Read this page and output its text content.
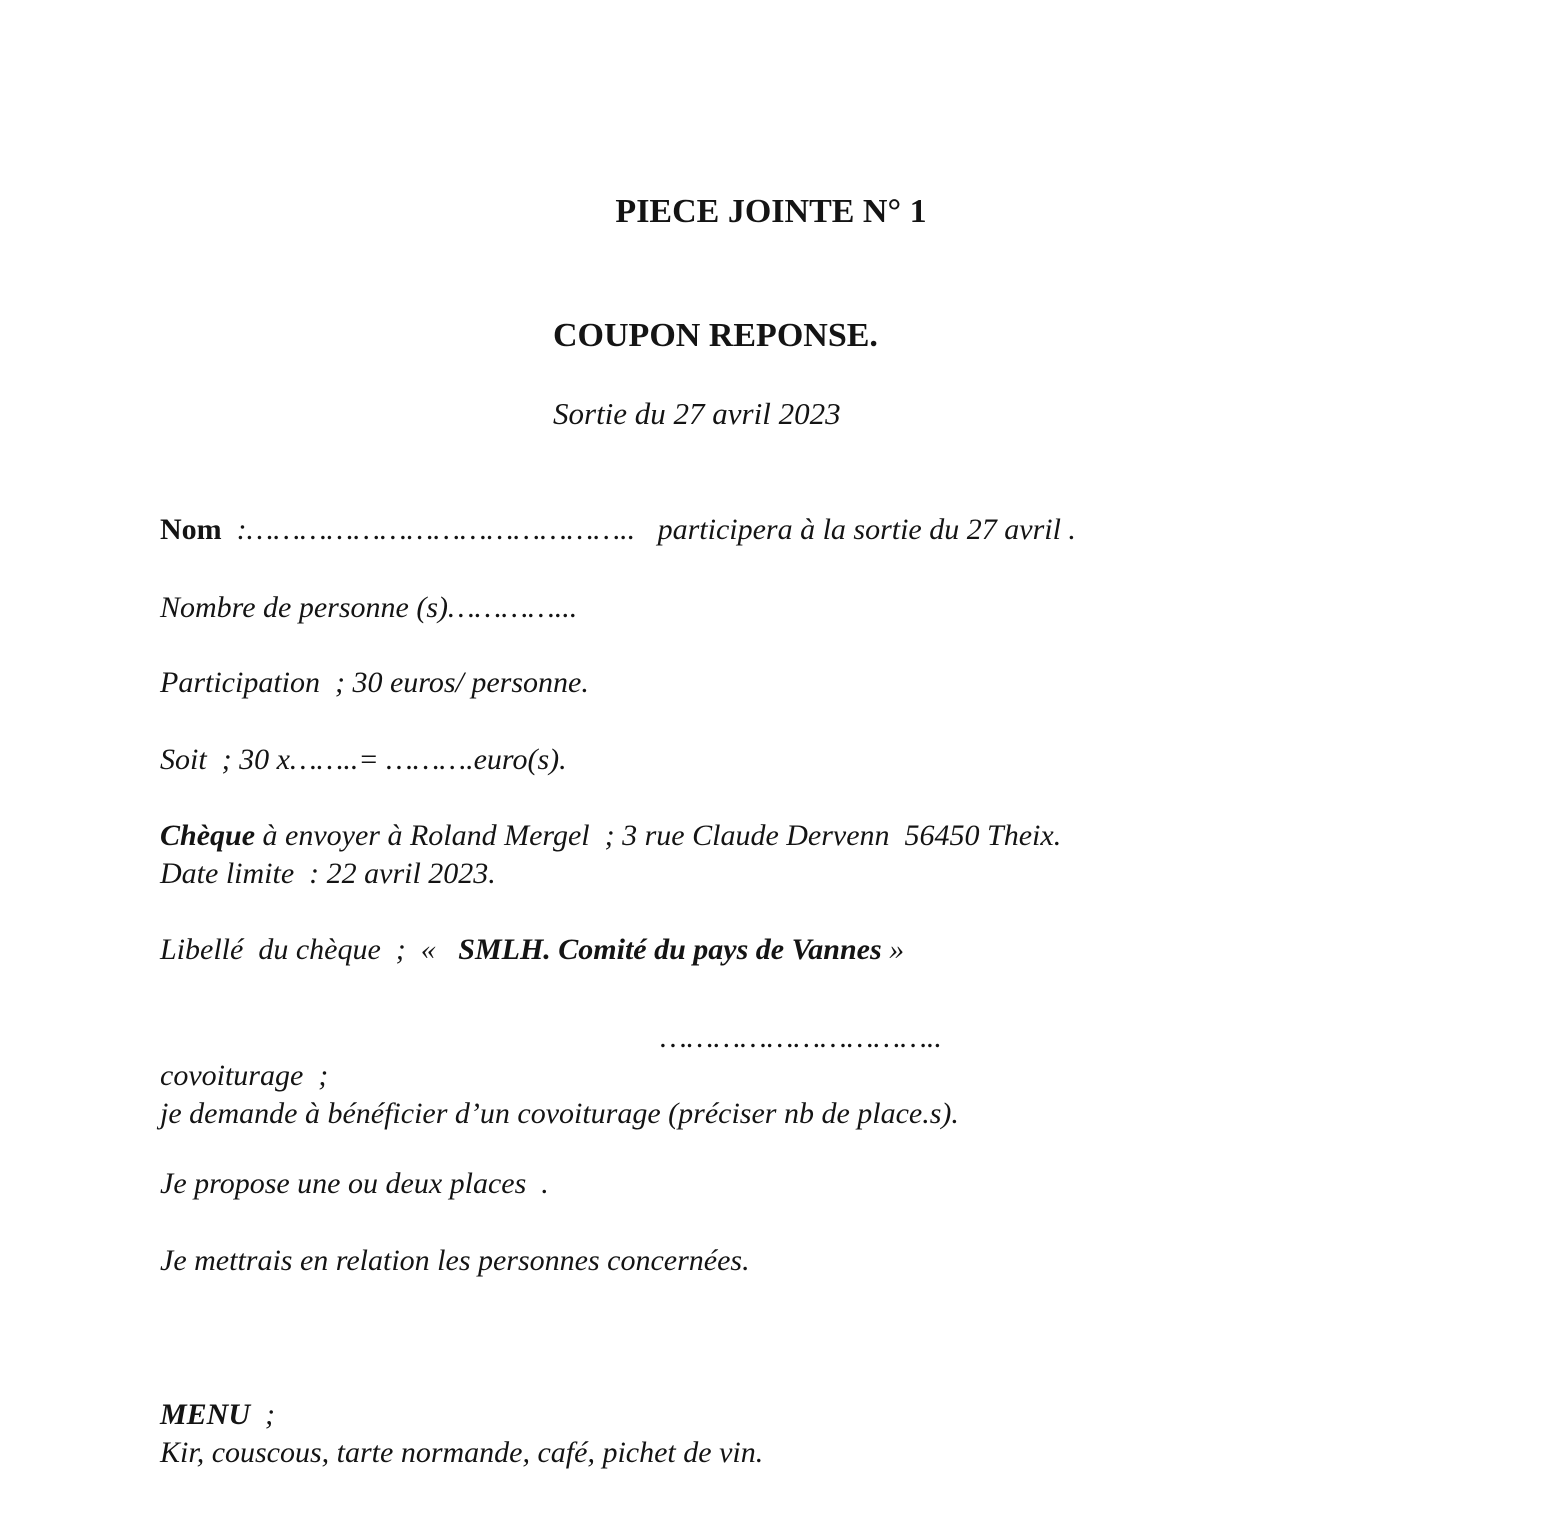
PIECE JOINTE N° 1

COUPON REPONSE.

Sortie du 27 avril 2023

Nom  :……………………………………..   participera à la sortie du 27 avril .

Nombre de personne (s)…………...

Participation  ; 30 euros/ personne.

Soit  ; 30 x……..= ……….euro(s).

Chèque à envoyer à Roland Mergel  ; 3 rue Claude Dervenn  56450 Theix.
Date limite  : 22 avril 2023.

Libellé  du chèque  ;  «   SMLH. Comité du pays de Vannes »

…………………………..

covoiturage  ;

je demande à bénéficier d’un covoiturage (préciser nb de place.s).

Je propose une ou deux places  .

Je mettrais en relation les personnes concernées.

MENU  ;
Kir, couscous, tarte normande, café, pichet de vin.
